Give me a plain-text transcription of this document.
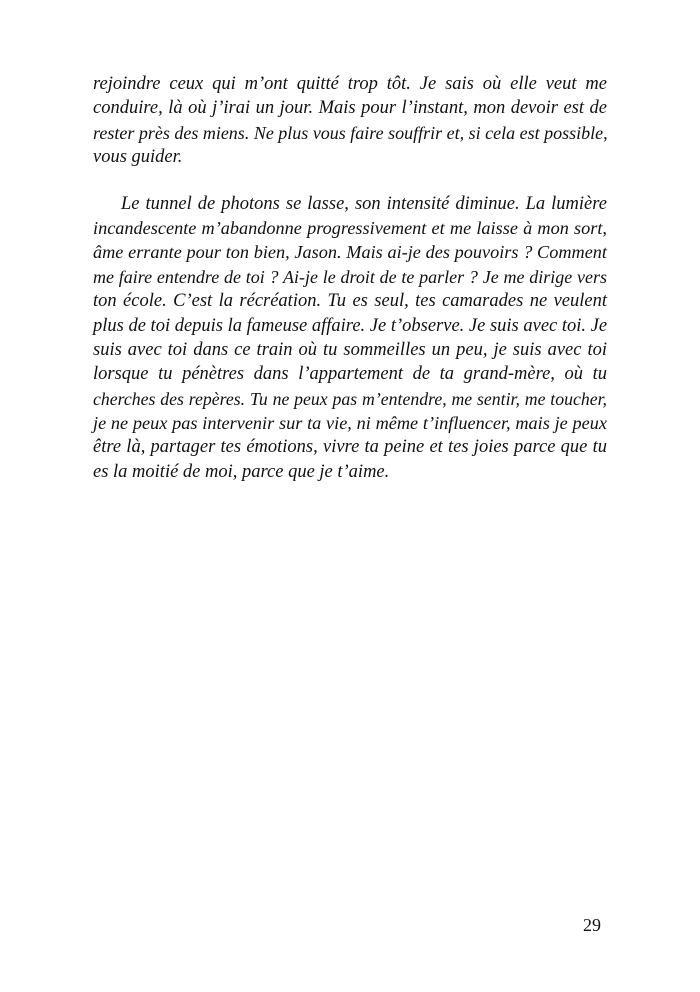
rejoindre ceux qui m’ont quitté trop tôt. Je sais où elle veut me
conduire, là où j’irai un jour. Mais pour l’instant, mon devoir est de
rester près des miens. Ne plus vous faire souffrir et, si cela est possible,
vous guider.
Le tunnel de photons se lasse, son intensité diminue. La lumière
incandescente m’abandonne progressivement et me laisse à mon sort,
âme errante pour ton bien, Jason. Mais ai-je des pouvoirs ? Comment
me faire entendre de toi ? Ai-je le droit de te parler ? Je me dirige vers
ton école. C’est la récréation. Tu es seul, tes camarades ne veulent
plus de toi depuis la fameuse affaire. Je t’observe. Je suis avec toi. Je
suis avec toi dans ce train où tu sommeilles un peu, je suis avec toi
lorsque tu pénètres dans l’appartement de ta grand-mère, où tu
cherches des repères. Tu ne peux pas m’entendre, me sentir, me toucher,
je ne peux pas intervenir sur ta vie, ni même t’influencer, mais je peux
être là, partager tes émotions, vivre ta peine et tes joies parce que tu
es la moitié de moi, parce que je t’aime.
29
